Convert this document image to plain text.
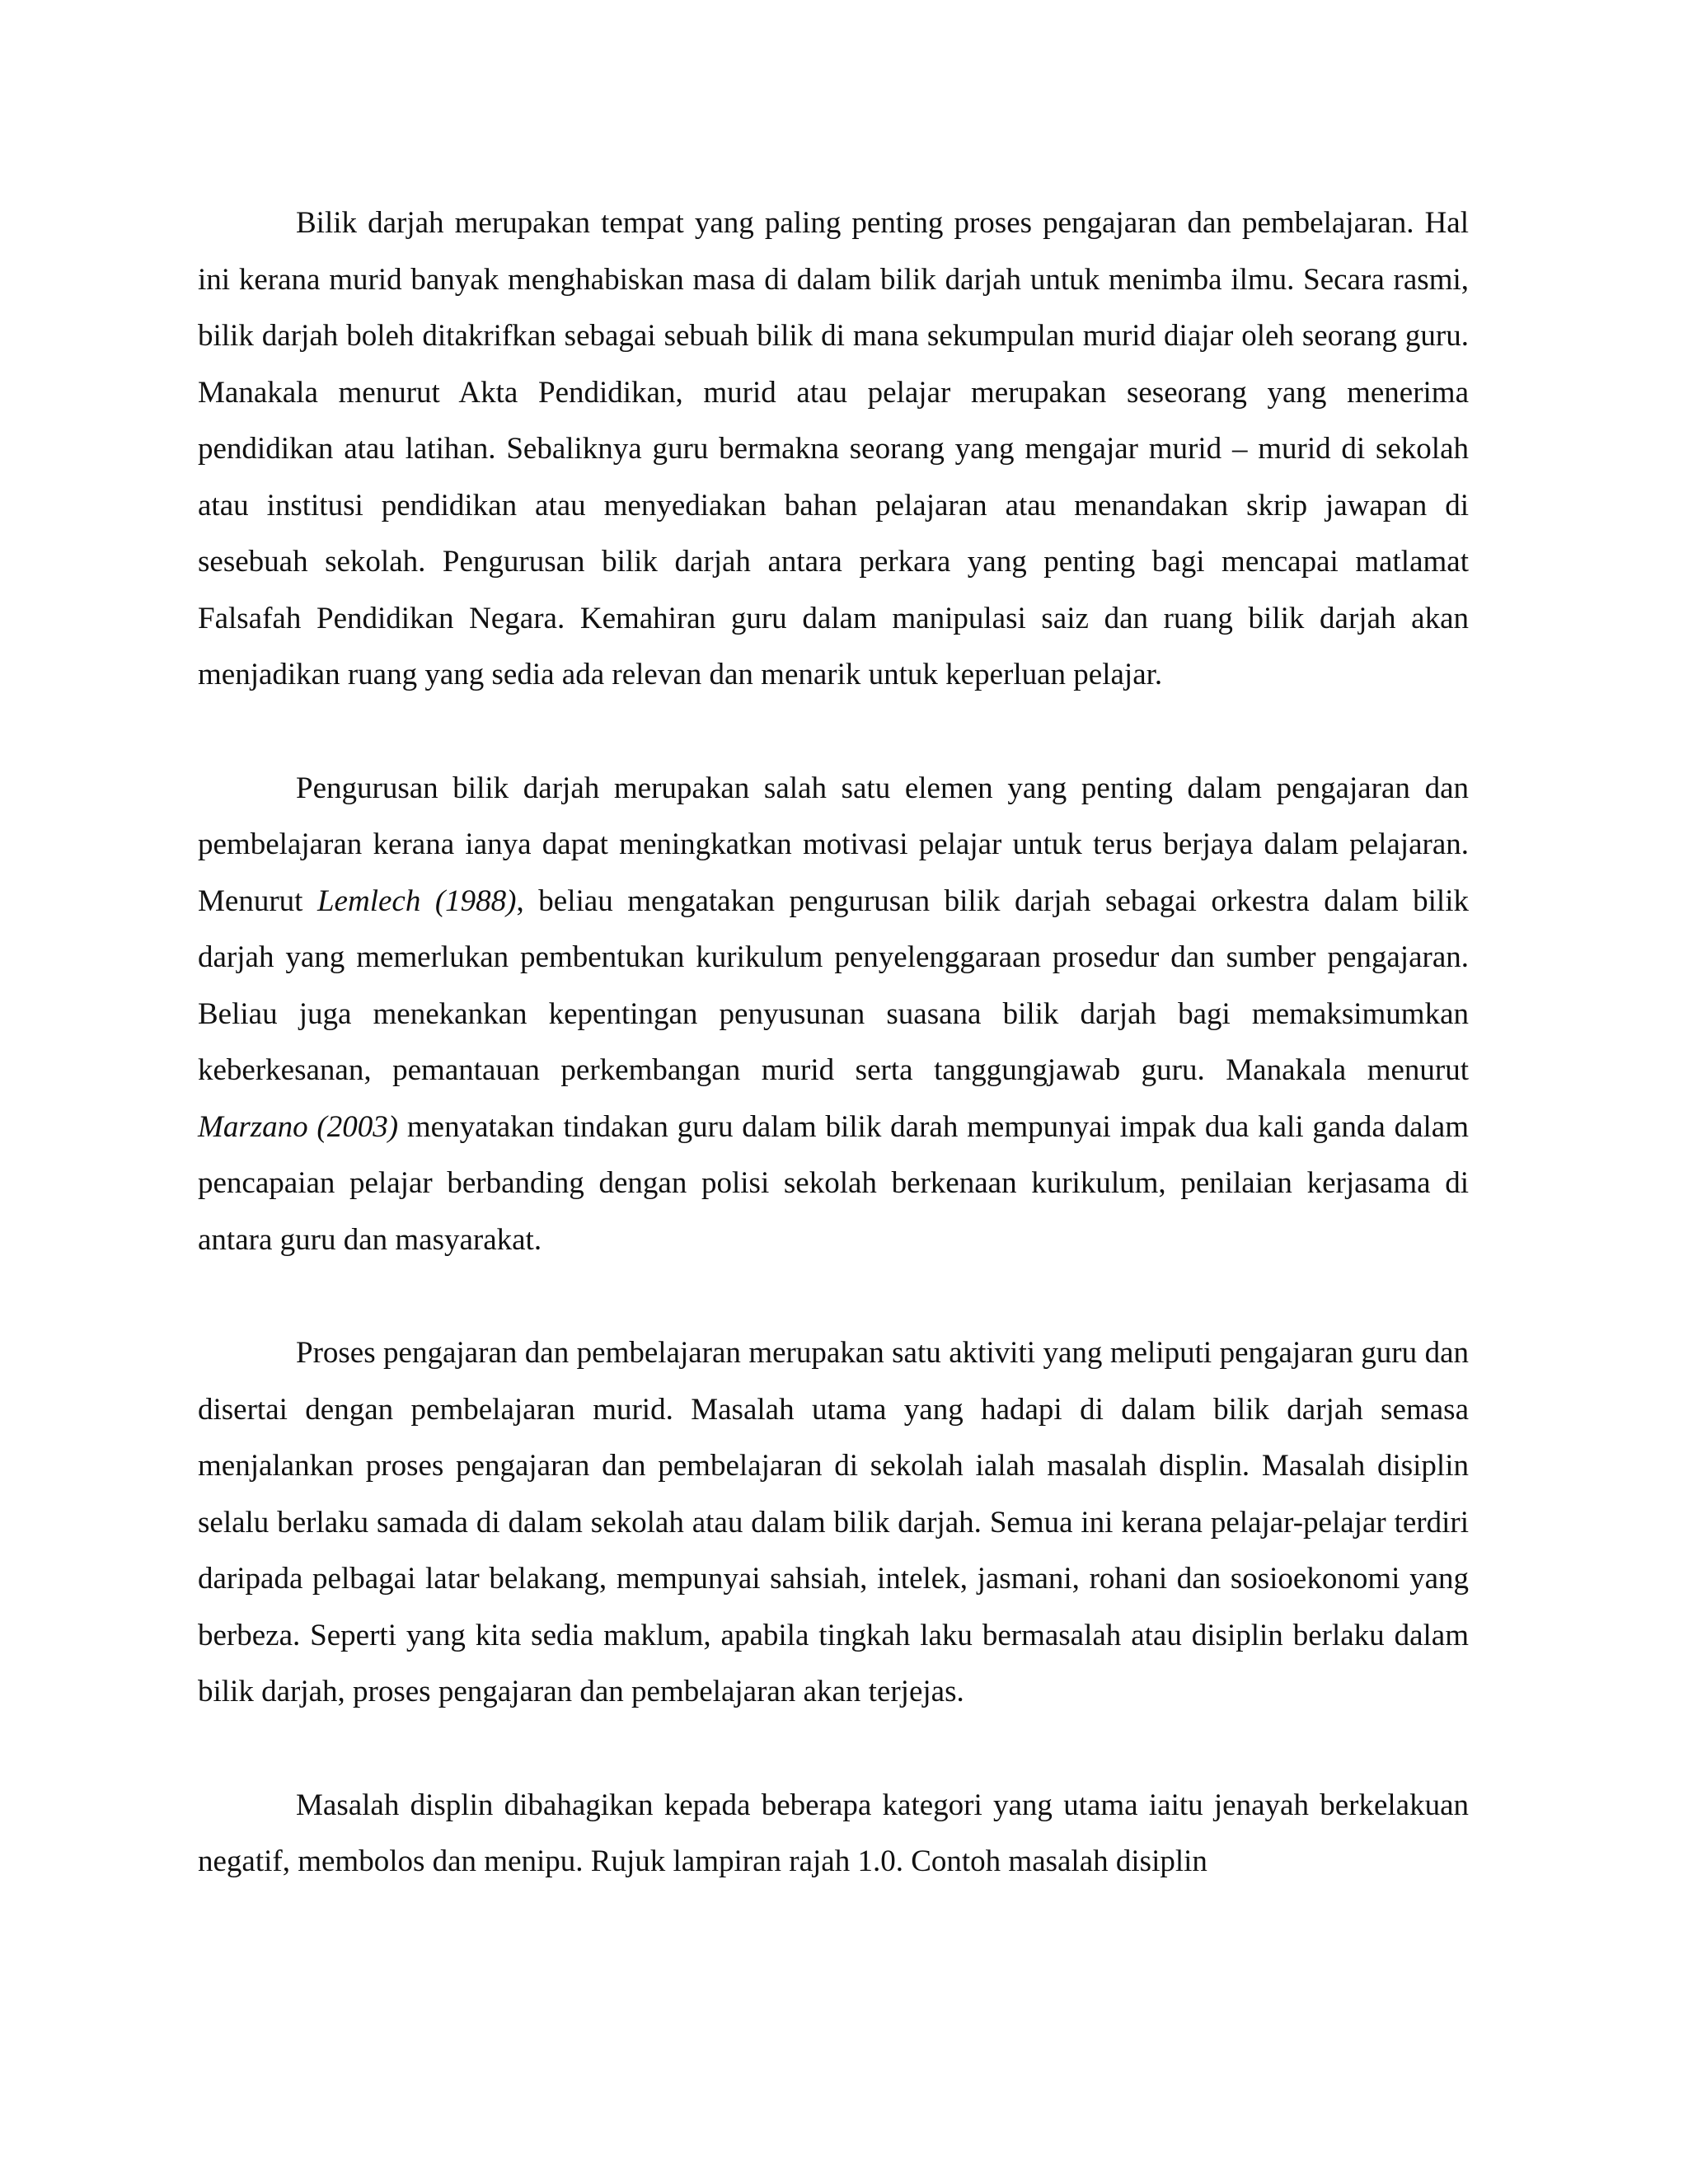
Bilik darjah merupakan tempat yang paling penting proses pengajaran dan pembelajaran. Hal ini kerana murid banyak menghabiskan masa di dalam bilik darjah untuk menimba ilmu. Secara rasmi, bilik darjah boleh ditakrifkan sebagai sebuah bilik di mana sekumpulan murid diajar oleh seorang guru. Manakala menurut Akta Pendidikan, murid atau pelajar merupakan seseorang yang menerima pendidikan atau latihan. Sebaliknya guru bermakna seorang yang mengajar murid – murid di sekolah atau institusi pendidikan atau menyediakan bahan pelajaran atau menandakan skrip jawapan di sesebuah sekolah. Pengurusan bilik darjah antara perkara yang penting bagi mencapai matlamat Falsafah Pendidikan Negara. Kemahiran guru dalam manipulasi saiz dan ruang bilik darjah akan menjadikan ruang yang sedia ada relevan dan menarik untuk keperluan pelajar.

Pengurusan bilik darjah merupakan salah satu elemen yang penting dalam pengajaran dan pembelajaran kerana ianya dapat meningkatkan motivasi pelajar untuk terus berjaya dalam pelajaran. Menurut Lemlech (1988), beliau mengatakan pengurusan bilik darjah sebagai orkestra dalam bilik darjah yang memerlukan pembentukan kurikulum penyelenggaraan prosedur dan sumber pengajaran. Beliau juga menekankan kepentingan penyusunan suasana bilik darjah bagi memaksimumkan keberkesanan, pemantauan perkembangan murid serta tanggungjawab guru. Manakala menurut Marzano (2003) menyatakan tindakan guru dalam bilik darah mempunyai impak dua kali ganda dalam pencapaian pelajar berbanding dengan polisi sekolah berkenaan kurikulum, penilaian kerjasama di antara guru dan masyarakat.

Proses pengajaran dan pembelajaran merupakan satu aktiviti yang meliputi pengajaran guru dan disertai dengan pembelajaran murid. Masalah utama yang hadapi di dalam bilik darjah semasa menjalankan proses pengajaran dan pembelajaran di sekolah ialah masalah displin. Masalah disiplin selalu berlaku samada di dalam sekolah atau dalam bilik darjah. Semua ini kerana pelajar-pelajar terdiri daripada pelbagai latar belakang, mempunyai sahsiah, intelek, jasmani, rohani dan sosioekonomi yang berbeza. Seperti yang kita sedia maklum, apabila tingkah laku bermasalah atau disiplin berlaku dalam bilik darjah, proses pengajaran dan pembelajaran akan terjejas.

Masalah displin dibahagikan kepada beberapa kategori yang utama iaitu jenayah berkelakuan negatif, membolos dan menipu. Rujuk lampiran rajah 1.0. Contoh masalah disiplin
